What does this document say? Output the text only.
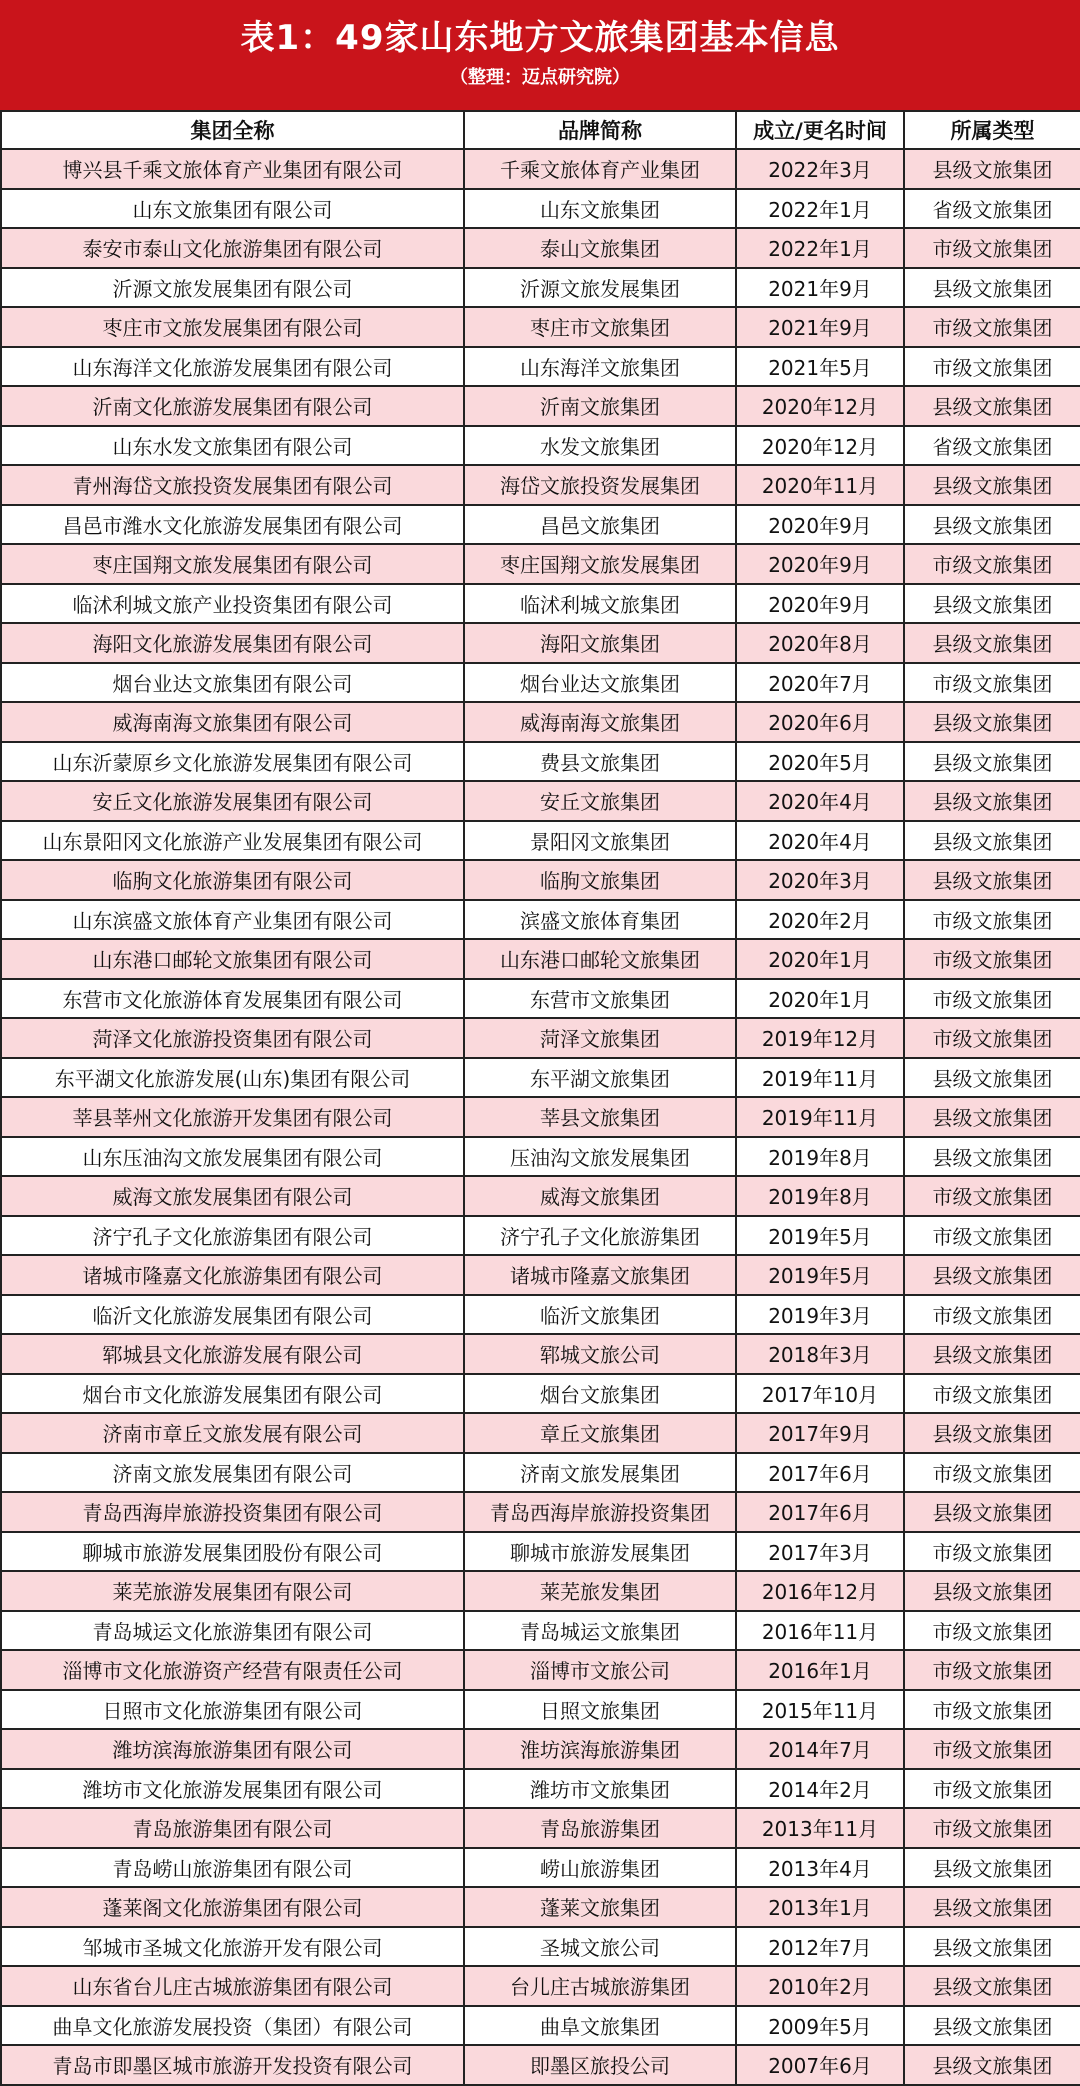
表1：49家山东地方文旅集团基本信息
（整理：迈点研究院）
集团全称	品牌简称	成立/更名时间	所属类型
博兴县千乘文旅体育产业集团有限公司	千乘文旅体育产业集团	2022年3月	县级文旅集团
山东文旅集团有限公司	山东文旅集团	2022年1月	省级文旅集团
泰安市泰山文化旅游集团有限公司	泰山文旅集团	2022年1月	市级文旅集团
沂源文旅发展集团有限公司	沂源文旅发展集团	2021年9月	县级文旅集团
枣庄市文旅发展集团有限公司	枣庄市文旅集团	2021年9月	市级文旅集团
山东海洋文化旅游发展集团有限公司	山东海洋文旅集团	2021年5月	市级文旅集团
沂南文化旅游发展集团有限公司	沂南文旅集团	2020年12月	县级文旅集团
山东水发文旅集团有限公司	水发文旅集团	2020年12月	省级文旅集团
青州海岱文旅投资发展集团有限公司	海岱文旅投资发展集团	2020年11月	县级文旅集团
昌邑市潍水文化旅游发展集团有限公司	昌邑文旅集团	2020年9月	县级文旅集团
枣庄国翔文旅发展集团有限公司	枣庄国翔文旅发展集团	2020年9月	市级文旅集团
临沭利城文旅产业投资集团有限公司	临沭利城文旅集团	2020年9月	县级文旅集团
海阳文化旅游发展集团有限公司	海阳文旅集团	2020年8月	县级文旅集团
烟台业达文旅集团有限公司	烟台业达文旅集团	2020年7月	市级文旅集团
威海南海文旅集团有限公司	威海南海文旅集团	2020年6月	县级文旅集团
山东沂蒙原乡文化旅游发展集团有限公司	费县文旅集团	2020年5月	县级文旅集团
安丘文化旅游发展集团有限公司	安丘文旅集团	2020年4月	县级文旅集团
山东景阳冈文化旅游产业发展集团有限公司	景阳冈文旅集团	2020年4月	县级文旅集团
临朐文化旅游集团有限公司	临朐文旅集团	2020年3月	县级文旅集团
山东滨盛文旅体育产业集团有限公司	滨盛文旅体育集团	2020年2月	市级文旅集团
山东港口邮轮文旅集团有限公司	山东港口邮轮文旅集团	2020年1月	市级文旅集团
东营市文化旅游体育发展集团有限公司	东营市文旅集团	2020年1月	市级文旅集团
菏泽文化旅游投资集团有限公司	菏泽文旅集团	2019年12月	市级文旅集团
东平湖文化旅游发展(山东)集团有限公司	东平湖文旅集团	2019年11月	县级文旅集团
莘县莘州文化旅游开发集团有限公司	莘县文旅集团	2019年11月	县级文旅集团
山东压油沟文旅发展集团有限公司	压油沟文旅发展集团	2019年8月	县级文旅集团
威海文旅发展集团有限公司	威海文旅集团	2019年8月	市级文旅集团
济宁孔子文化旅游集团有限公司	济宁孔子文化旅游集团	2019年5月	市级文旅集团
诸城市隆嘉文化旅游集团有限公司	诸城市隆嘉文旅集团	2019年5月	县级文旅集团
临沂文化旅游发展集团有限公司	临沂文旅集团	2019年3月	市级文旅集团
郓城县文化旅游发展有限公司	郓城文旅公司	2018年3月	县级文旅集团
烟台市文化旅游发展集团有限公司	烟台文旅集团	2017年10月	市级文旅集团
济南市章丘文旅发展有限公司	章丘文旅集团	2017年9月	县级文旅集团
济南文旅发展集团有限公司	济南文旅发展集团	2017年6月	市级文旅集团
青岛西海岸旅游投资集团有限公司	青岛西海岸旅游投资集团	2017年6月	县级文旅集团
聊城市旅游发展集团股份有限公司	聊城市旅游发展集团	2017年3月	市级文旅集团
莱芜旅游发展集团有限公司	莱芜旅发集团	2016年12月	县级文旅集团
青岛城运文化旅游集团有限公司	青岛城运文旅集团	2016年11月	市级文旅集团
淄博市文化旅游资产经营有限责任公司	淄博市文旅公司	2016年1月	市级文旅集团
日照市文化旅游集团有限公司	日照文旅集团	2015年11月	市级文旅集团
潍坊滨海旅游集团有限公司	淮坊滨海旅游集团	2014年7月	市级文旅集团
潍坊市文化旅游发展集团有限公司	潍坊市文旅集团	2014年2月	市级文旅集团
青岛旅游集团有限公司	青岛旅游集团	2013年11月	市级文旅集团
青岛崂山旅游集团有限公司	崂山旅游集团	2013年4月	县级文旅集团
蓬莱阁文化旅游集团有限公司	蓬莱文旅集团	2013年1月	县级文旅集团
邹城市圣城文化旅游开发有限公司	圣城文旅公司	2012年7月	县级文旅集团
山东省台儿庄古城旅游集团有限公司	台儿庄古城旅游集团	2010年2月	县级文旅集团
曲阜文化旅游发展投资（集团）有限公司	曲阜文旅集团	2009年5月	县级文旅集团
青岛市即墨区城市旅游开发投资有限公司	即墨区旅投公司	2007年6月	县级文旅集团
